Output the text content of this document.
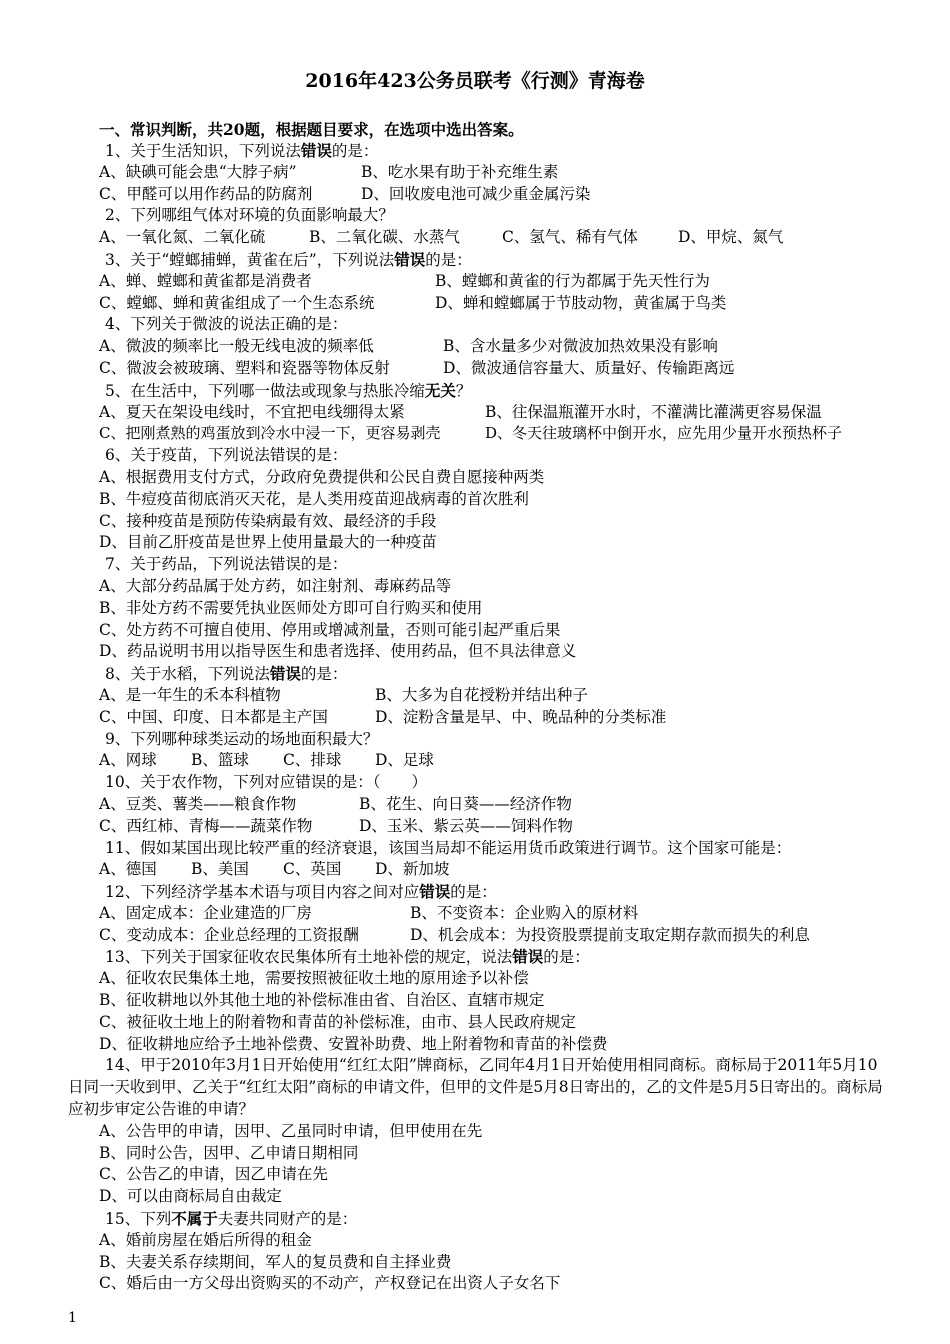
2016年423公务员联考《行测》青海卷
一、常识判断，共20题，根据题目要求，在选项中选出答案。
1、关于生活知识，下列说法错误的是：
A、缺碘可能会患“大脖子病”	B、吃水果有助于补充维生素
C、甲醛可以用作药品的防腐剂	D、回收废电池可减少重金属污染
2、下列哪组气体对环境的负面影响最大？
A、一氧化氮、二氧化硫	B、二氧化碳、水蒸气	C、氢气、稀有气体	D、甲烷、氮气
3、关于“螳螂捕蝉，黄雀在后”，下列说法错误的是：
A、蝉、螳螂和黄雀都是消费者	B、螳螂和黄雀的行为都属于先天性行为
C、螳螂、蝉和黄雀组成了一个生态系统	D、蝉和螳螂属于节肢动物，黄雀属于鸟类
4、下列关于微波的说法正确的是：
A、微波的频率比一般无线电波的频率低	B、含水量多少对微波加热效果没有影响
C、微波会被玻璃、塑料和瓷器等物体反射	D、微波通信容量大、质量好、传输距离远
5、在生活中，下列哪一做法或现象与热胀冷缩无关？
A、夏天在架设电线时，不宜把电线绷得太紧	B、往保温瓶灌开水时，不灌满比灌满更容易保温
C、把刚煮熟的鸡蛋放到冷水中浸一下，更容易剥壳	D、冬天往玻璃杯中倒开水，应先用少量开水预热杯子
6、关于疫苗，下列说法错误的是：
A、根据费用支付方式，分政府免费提供和公民自费自愿接种两类
B、牛痘疫苗彻底消灭天花，是人类用疫苗迎战病毒的首次胜利
C、接种疫苗是预防传染病最有效、最经济的手段
D、目前乙肝疫苗是世界上使用量最大的一种疫苗
7、关于药品，下列说法错误的是：
A、大部分药品属于处方药，如注射剂、毒麻药品等
B、非处方药不需要凭执业医师处方即可自行购买和使用
C、处方药不可擅自使用、停用或增减剂量，否则可能引起严重后果
D、药品说明书用以指导医生和患者选择、使用药品，但不具法律意义
8、关于水稻，下列说法错误的是：
A、是一年生的禾本科植物	B、大多为自花授粉并结出种子
C、中国、印度、日本都是主产国	D、淀粉含量是早、中、晚品种的分类标准
9、下列哪种球类运动的场地面积最大？
A、网球 B、篮球 C、排球 D、足球
10、关于农作物，下列对应错误的是：（　　）
A、豆类、薯类——粮食作物	B、花生、向日葵——经济作物
C、西红柿、青梅——蔬菜作物	D、玉米、紫云英——饲料作物
11、假如某国出现比较严重的经济衰退，该国当局却不能运用货币政策进行调节。这个国家可能是：
A、德国 B、美国 C、英国 D、新加坡
12、下列经济学基本术语与项目内容之间对应错误的是：
A、固定成本：企业建造的厂房	B、不变资本：企业购入的原材料
C、变动成本：企业总经理的工资报酬	D、机会成本：为投资股票提前支取定期存款而损失的利息
13、下列关于国家征收农民集体所有土地补偿的规定，说法错误的是：
A、征收农民集体土地，需要按照被征收土地的原用途予以补偿
B、征收耕地以外其他土地的补偿标准由省、自治区、直辖市规定
C、被征收土地上的附着物和青苗的补偿标准，由市、县人民政府规定
D、征收耕地应给予土地补偿费、安置补助费、地上附着物和青苗的补偿费
14、甲于2010年3月1日开始使用“红红太阳”牌商标，乙同年4月1日开始使用相同商标。商标局于2011年5月10日同一天收到甲、乙关于“红红太阳”商标的申请文件，但甲的文件是5月8日寄出的，乙的文件是5月5日寄出的。商标局应初步审定公告谁的申请？
A、公告甲的申请，因甲、乙虽同时申请，但甲使用在先
B、同时公告，因甲、乙申请日期相同
C、公告乙的申请，因乙申请在先
D、可以由商标局自由裁定
15、下列不属于夫妻共同财产的是：
A、婚前房屋在婚后所得的租金
B、夫妻关系存续期间，军人的复员费和自主择业费
C、婚后由一方父母出资购买的不动产，产权登记在出资人子女名下
1
